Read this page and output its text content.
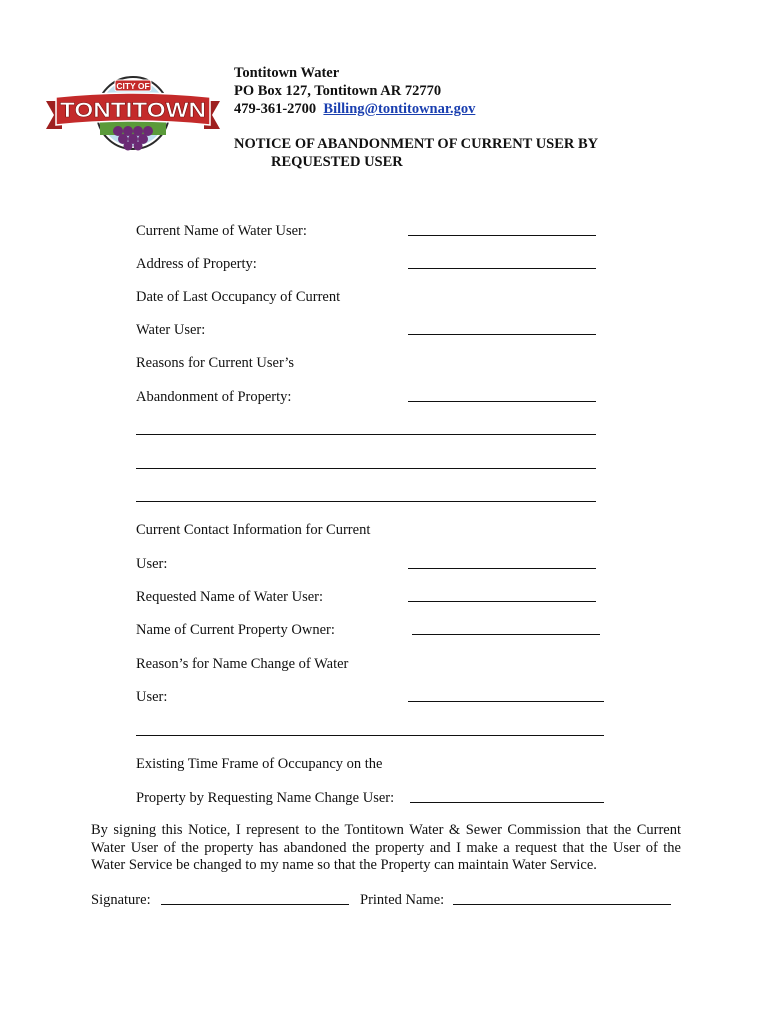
CITY OF
TONTITOWN
Tontitown Water
PO Box 127, Tontitown AR 72770
479-361-2700 Billing@tontitownar.gov
NOTICE OF ABANDONMENT OF CURRENT USER BY
REQUESTED USER
Current Name of Water User:
Address of Property:
Date of Last Occupancy of Current
Water User:
Reasons for Current User’s
Abandonment of Property:
Current Contact Information for Current
User:
Requested Name of Water User:
Name of Current Property Owner:
Reason’s for Name Change of Water
User:
Existing Time Frame of Occupancy on the
Property by Requesting Name Change User:
By signing this Notice, I represent to the Tontitown Water & Sewer Commission that the Current Water User of the property has abandoned the property and I make a request that the User of the Water Service be changed to my name so that the Property can maintain Water Service.
Signature:	Printed Name:
